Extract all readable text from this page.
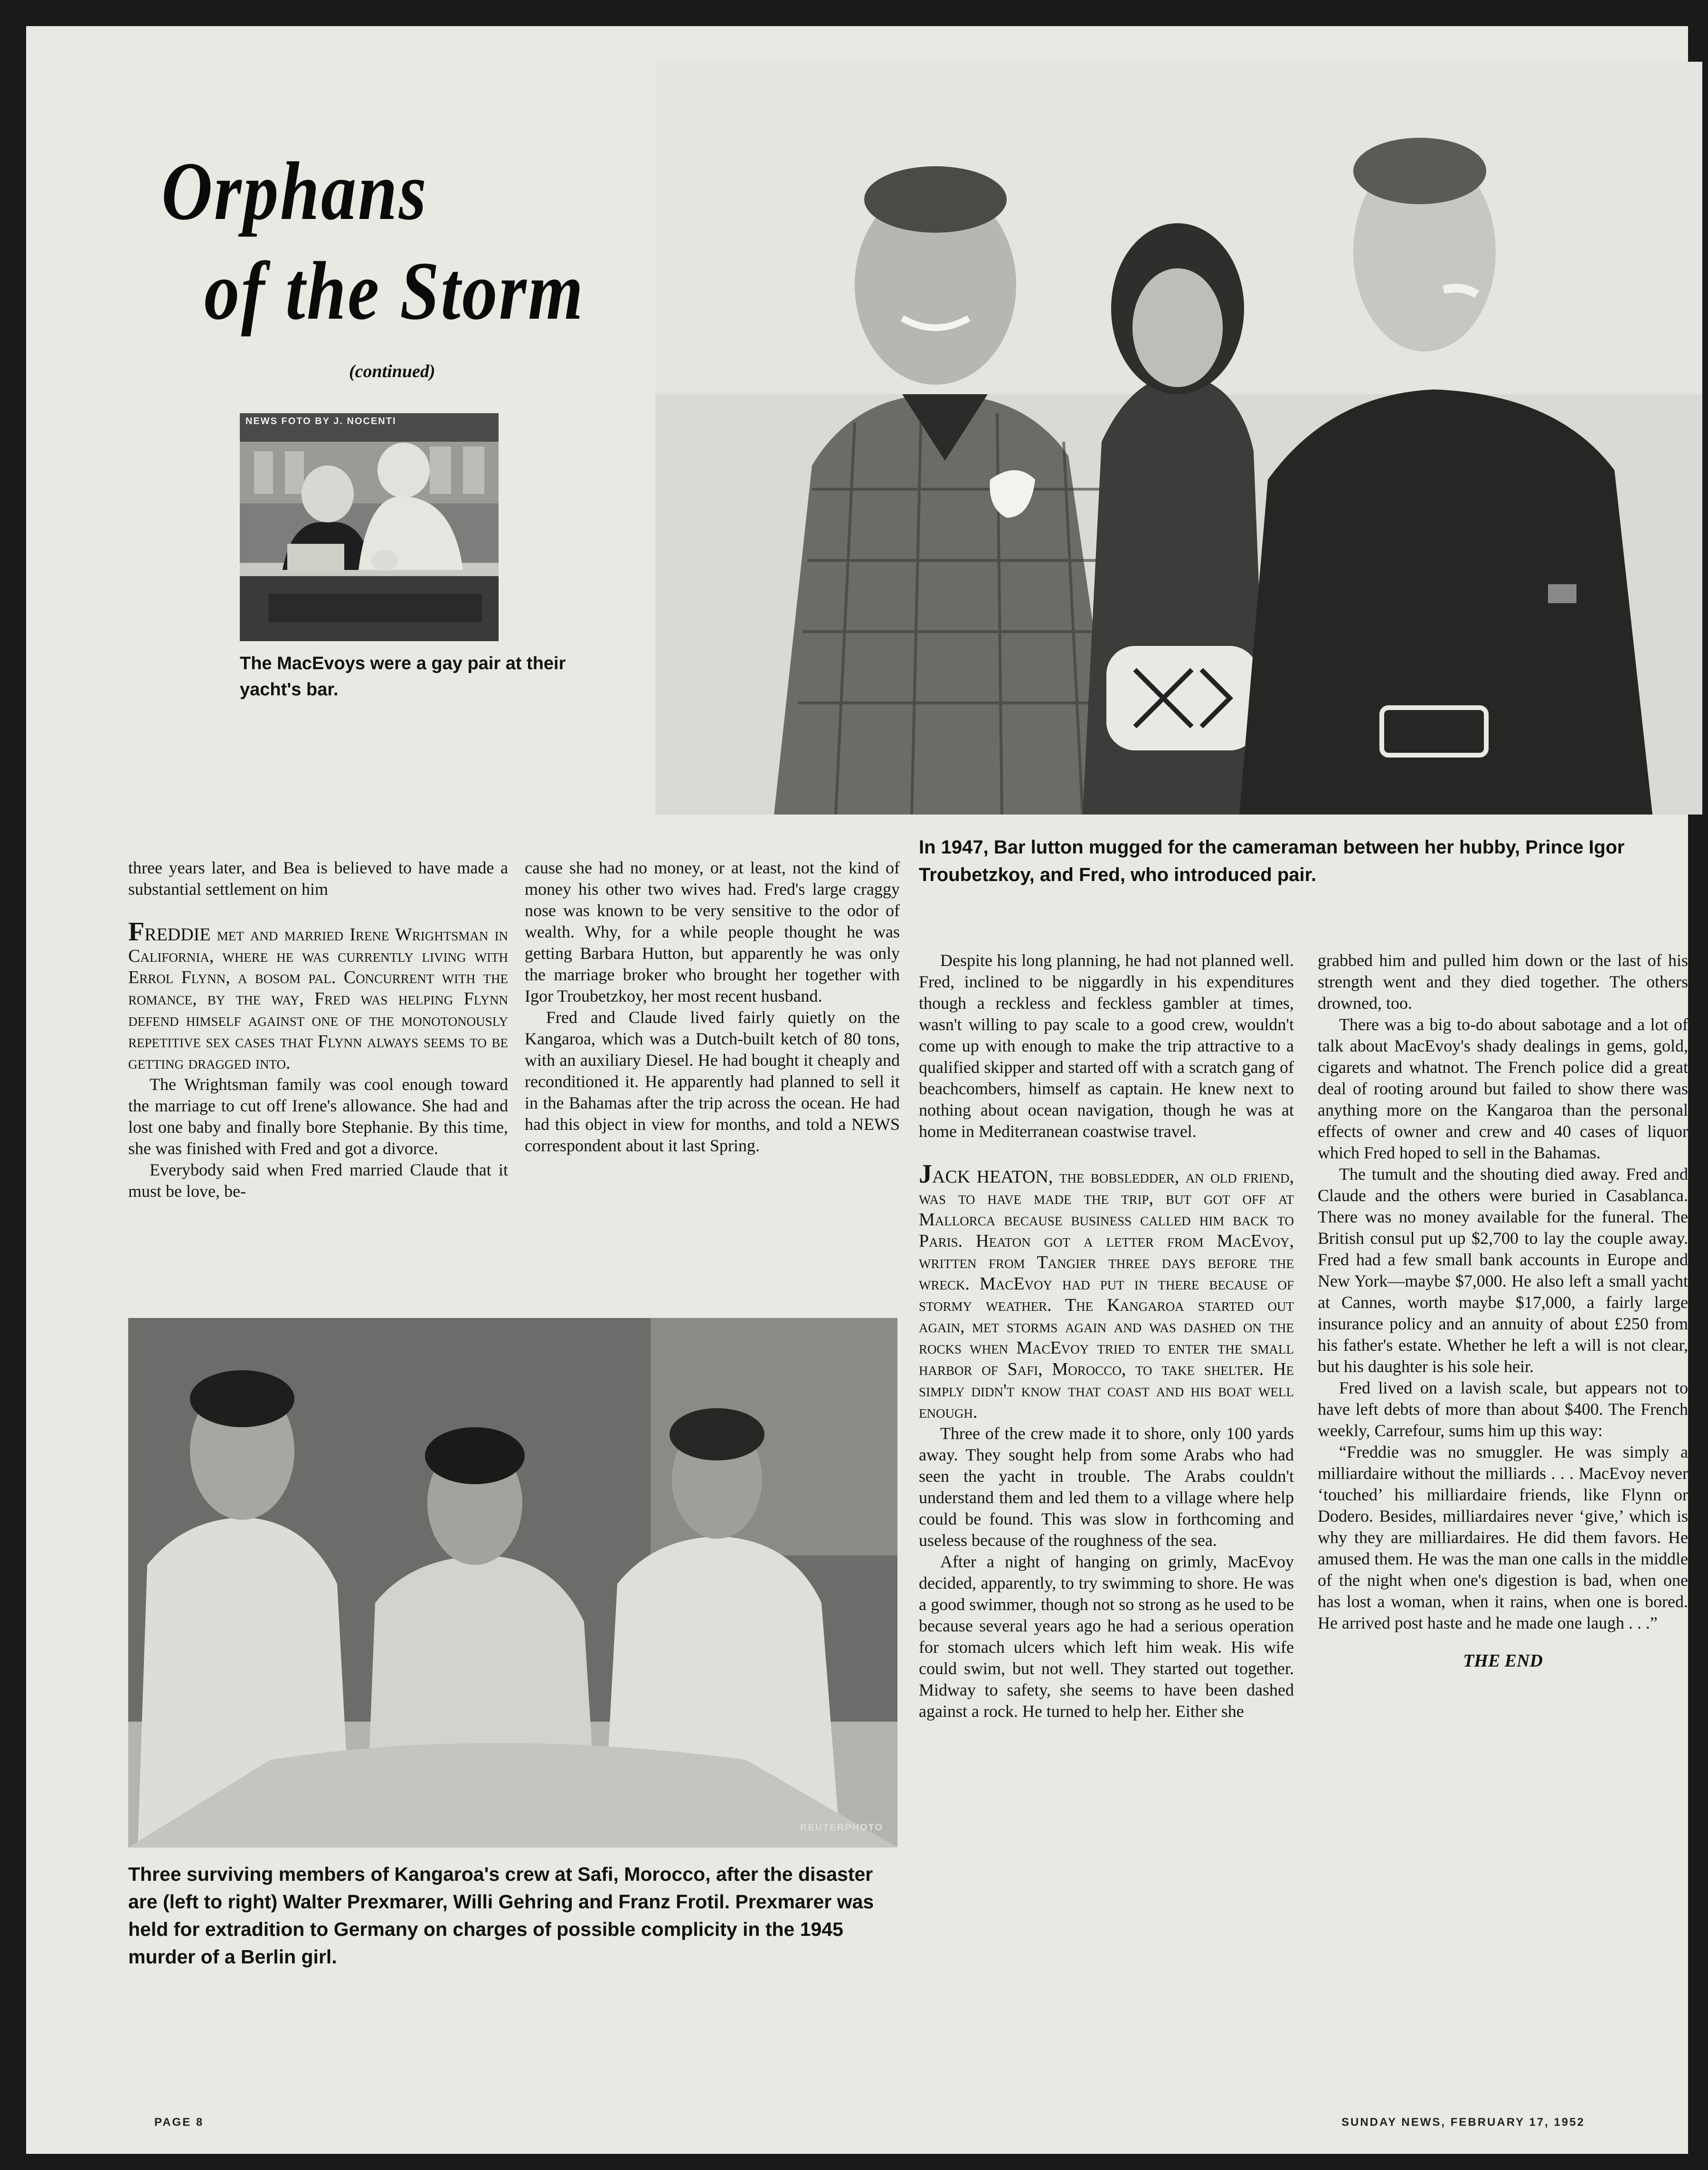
Orphans
of the Storm
(continued)
NEWS FOTO BY J. NOCENTI
The MacEvoys were a gay pair at their yacht's bar.
In 1947, Bar lutton mugged for the cameraman between her hubby, Prince Igor Troubetzkoy, and Fred, who introduced pair.
REUTERPHOTO
Three surviving members of Kangaroa's crew at Safi, Morocco, after the disaster are (left to right) Walter Prexmarer, Willi Gehring and Franz Frotil. Prexmarer was held for extradition to Germany on charges of possible complicity in the 1945 murder of a Berlin girl.

three years later, and Bea is believed to have made a substantial settlement on him

FREDDIE met and married Irene Wrightsman in California, where he was currently living with Errol Flynn, a bosom pal. Concurrent with the romance, by the way, Fred was helping Flynn defend himself against one of the monotonously repetitive sex cases that Flynn always seems to be getting dragged into.

The Wrightsman family was cool enough toward the marriage to cut off Irene's allowance. She had and lost one baby and finally bore Stephanie. By this time, she was finished with Fred and got a divorce.

Everybody said when Fred married Claude that it must be love, be-

cause she had no money, or at least, not the kind of money his other two wives had. Fred's large craggy nose was known to be very sensitive to the odor of wealth. Why, for a while people thought he was getting Barbara Hutton, but apparently he was only the marriage broker who brought her together with Igor Troubetzkoy, her most recent husband.

Fred and Claude lived fairly quietly on the Kangaroa, which was a Dutch-built ketch of 80 tons, with an auxiliary Diesel. He had bought it cheaply and reconditioned it. He apparently had planned to sell it in the Bahamas after the trip across the ocean. He had had this object in view for months, and told a NEWS correspondent about it last Spring.

Despite his long planning, he had not planned well. Fred, inclined to be niggardly in his expenditures though a reckless and feckless gambler at times, wasn't willing to pay scale to a good crew, wouldn't come up with enough to make the trip attractive to a qualified skipper and started off with a scratch gang of beachcombers, himself as captain. He knew next to nothing about ocean navigation, though he was at home in Mediterranean coastwise travel.

JACK HEATON, the bobsledder, an old friend, was to have made the trip, but got off at Mallorca because business called him back to Paris. Heaton got a letter from MacEvoy, written from Tangier three days before the wreck. MacEvoy had put in there because of stormy weather. The Kangaroa started out again, met storms again and was dashed on the rocks when MacEvoy tried to enter the small harbor of Safi, Morocco, to take shelter. He simply didn't know that coast and his boat well enough.

Three of the crew made it to shore, only 100 yards away. They sought help from some Arabs who had seen the yacht in trouble. The Arabs couldn't understand them and led them to a village where help could be found. This was slow in forthcoming and useless because of the roughness of the sea.

After a night of hanging on grimly, MacEvoy decided, apparently, to try swimming to shore. He was a good swimmer, though not so strong as he used to be because several years ago he had a serious operation for stomach ulcers which left him weak. His wife could swim, but not well. They started out together. Midway to safety, she seems to have been dashed against a rock. He turned to help her. Either she

grabbed him and pulled him down or the last of his strength went and they died together. The others drowned, too.

There was a big to-do about sabotage and a lot of talk about MacEvoy's shady dealings in gems, gold, cigarets and whatnot. The French police did a great deal of rooting around but failed to show there was anything more on the Kangaroa than the personal effects of owner and crew and 40 cases of liquor which Fred hoped to sell in the Bahamas.

The tumult and the shouting died away. Fred and Claude and the others were buried in Casablanca. There was no money available for the funeral. The British consul put up $2,700 to lay the couple away. Fred had a few small bank accounts in Europe and New York—maybe $7,000. He also left a small yacht at Cannes, worth maybe $17,000, a fairly large insurance policy and an annuity of about £250 from his father's estate. Whether he left a will is not clear, but his daughter is his sole heir.

Fred lived on a lavish scale, but appears not to have left debts of more than about $400. The French weekly, Carrefour, sums him up this way:

“Freddie was no smuggler. He was simply a milliardaire without the milliards . . . MacEvoy never ‘touched’ his milliardaire friends, like Flynn or Dodero. Besides, milliardaires never ‘give,’ which is why they are milliardaires. He did them favors. He amused them. He was the man one calls in the middle of the night when one's digestion is bad, when one has lost a woman, when it rains, when one is bored. He arrived post haste and he made one laugh . . .”

THE END

PAGE 8	SUNDAY NEWS, FEBRUARY 17, 1952
